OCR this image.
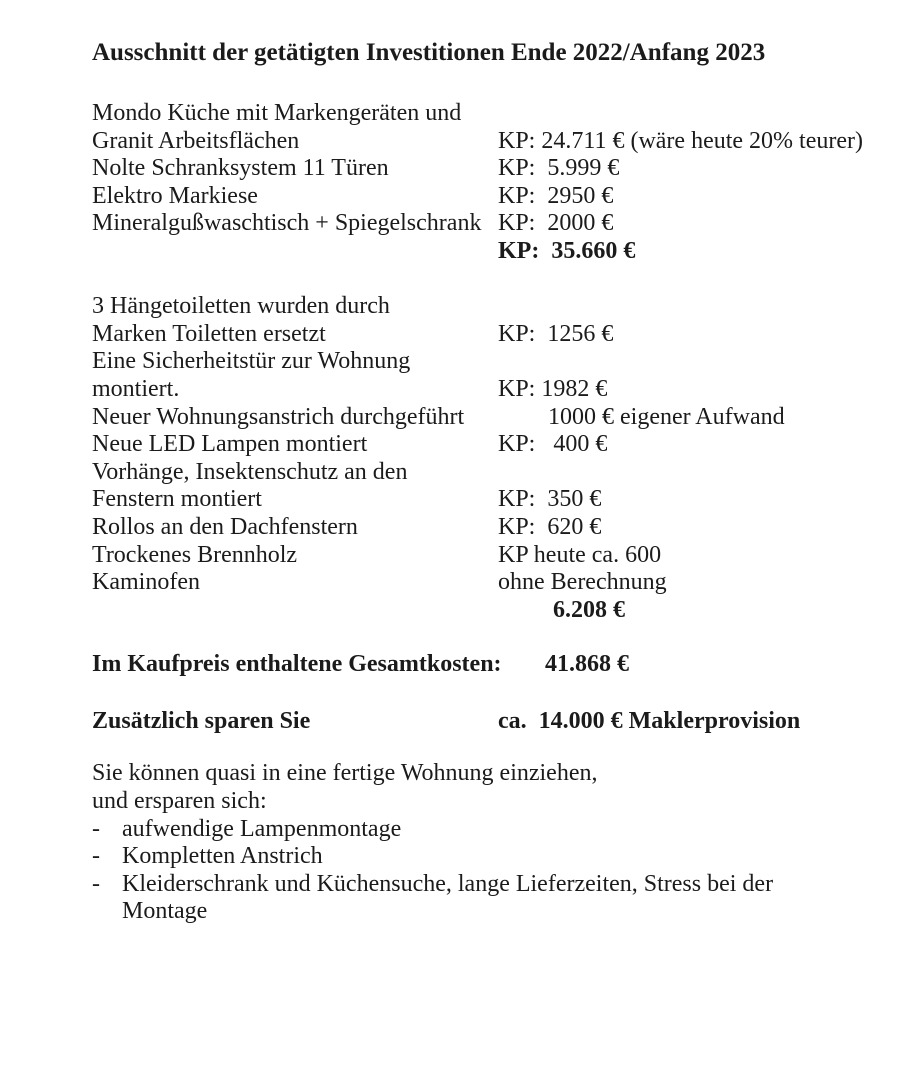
Ausschnitt der getätigten Investitionen Ende 2022/Anfang 2023
Mondo Küche mit Markengeräten und
Granit Arbeitsflächen	KP: 24.711 € (wäre heute 20% teurer)
Nolte Schranksystem 11 Türen	KP:  5.999 €
Elektro Markiese	KP:  2950 €
Mineralgußwaschtisch + Spiegelschrank KP:  2000 €
KP:  35.660 €
3 Hängetoiletten wurden durch
Marken Toiletten ersetzt	KP:  1256 €
Eine Sicherheitstür zur Wohnung
montiert.	KP: 1982 €
Neuer Wohnungsanstrich durchgeführt	1000 € eigener Aufwand
Neue LED Lampen montiert	KP:   400 €
Vorhänge, Insektenschutz an den
Fenstern montiert	KP:  350 €
Rollos an den Dachfenstern	KP:  620 €
Trockenes Brennholz	KP heute ca. 600
Kaminofen	ohne Berechnung
6.208 €
Im Kaufpreis enthaltene Gesamtkosten:	41.868 €
Zusätzlich sparen Sie	ca.  14.000 € Maklerprovision

Sie können quasi in eine fertige Wohnung einziehen,

und ersparen sich:

- aufwendige Lampenmontage
- Kompletten Anstrich
- Kleiderschrank und Küchensuche, lange Lieferzeiten, Stress bei der Montage
